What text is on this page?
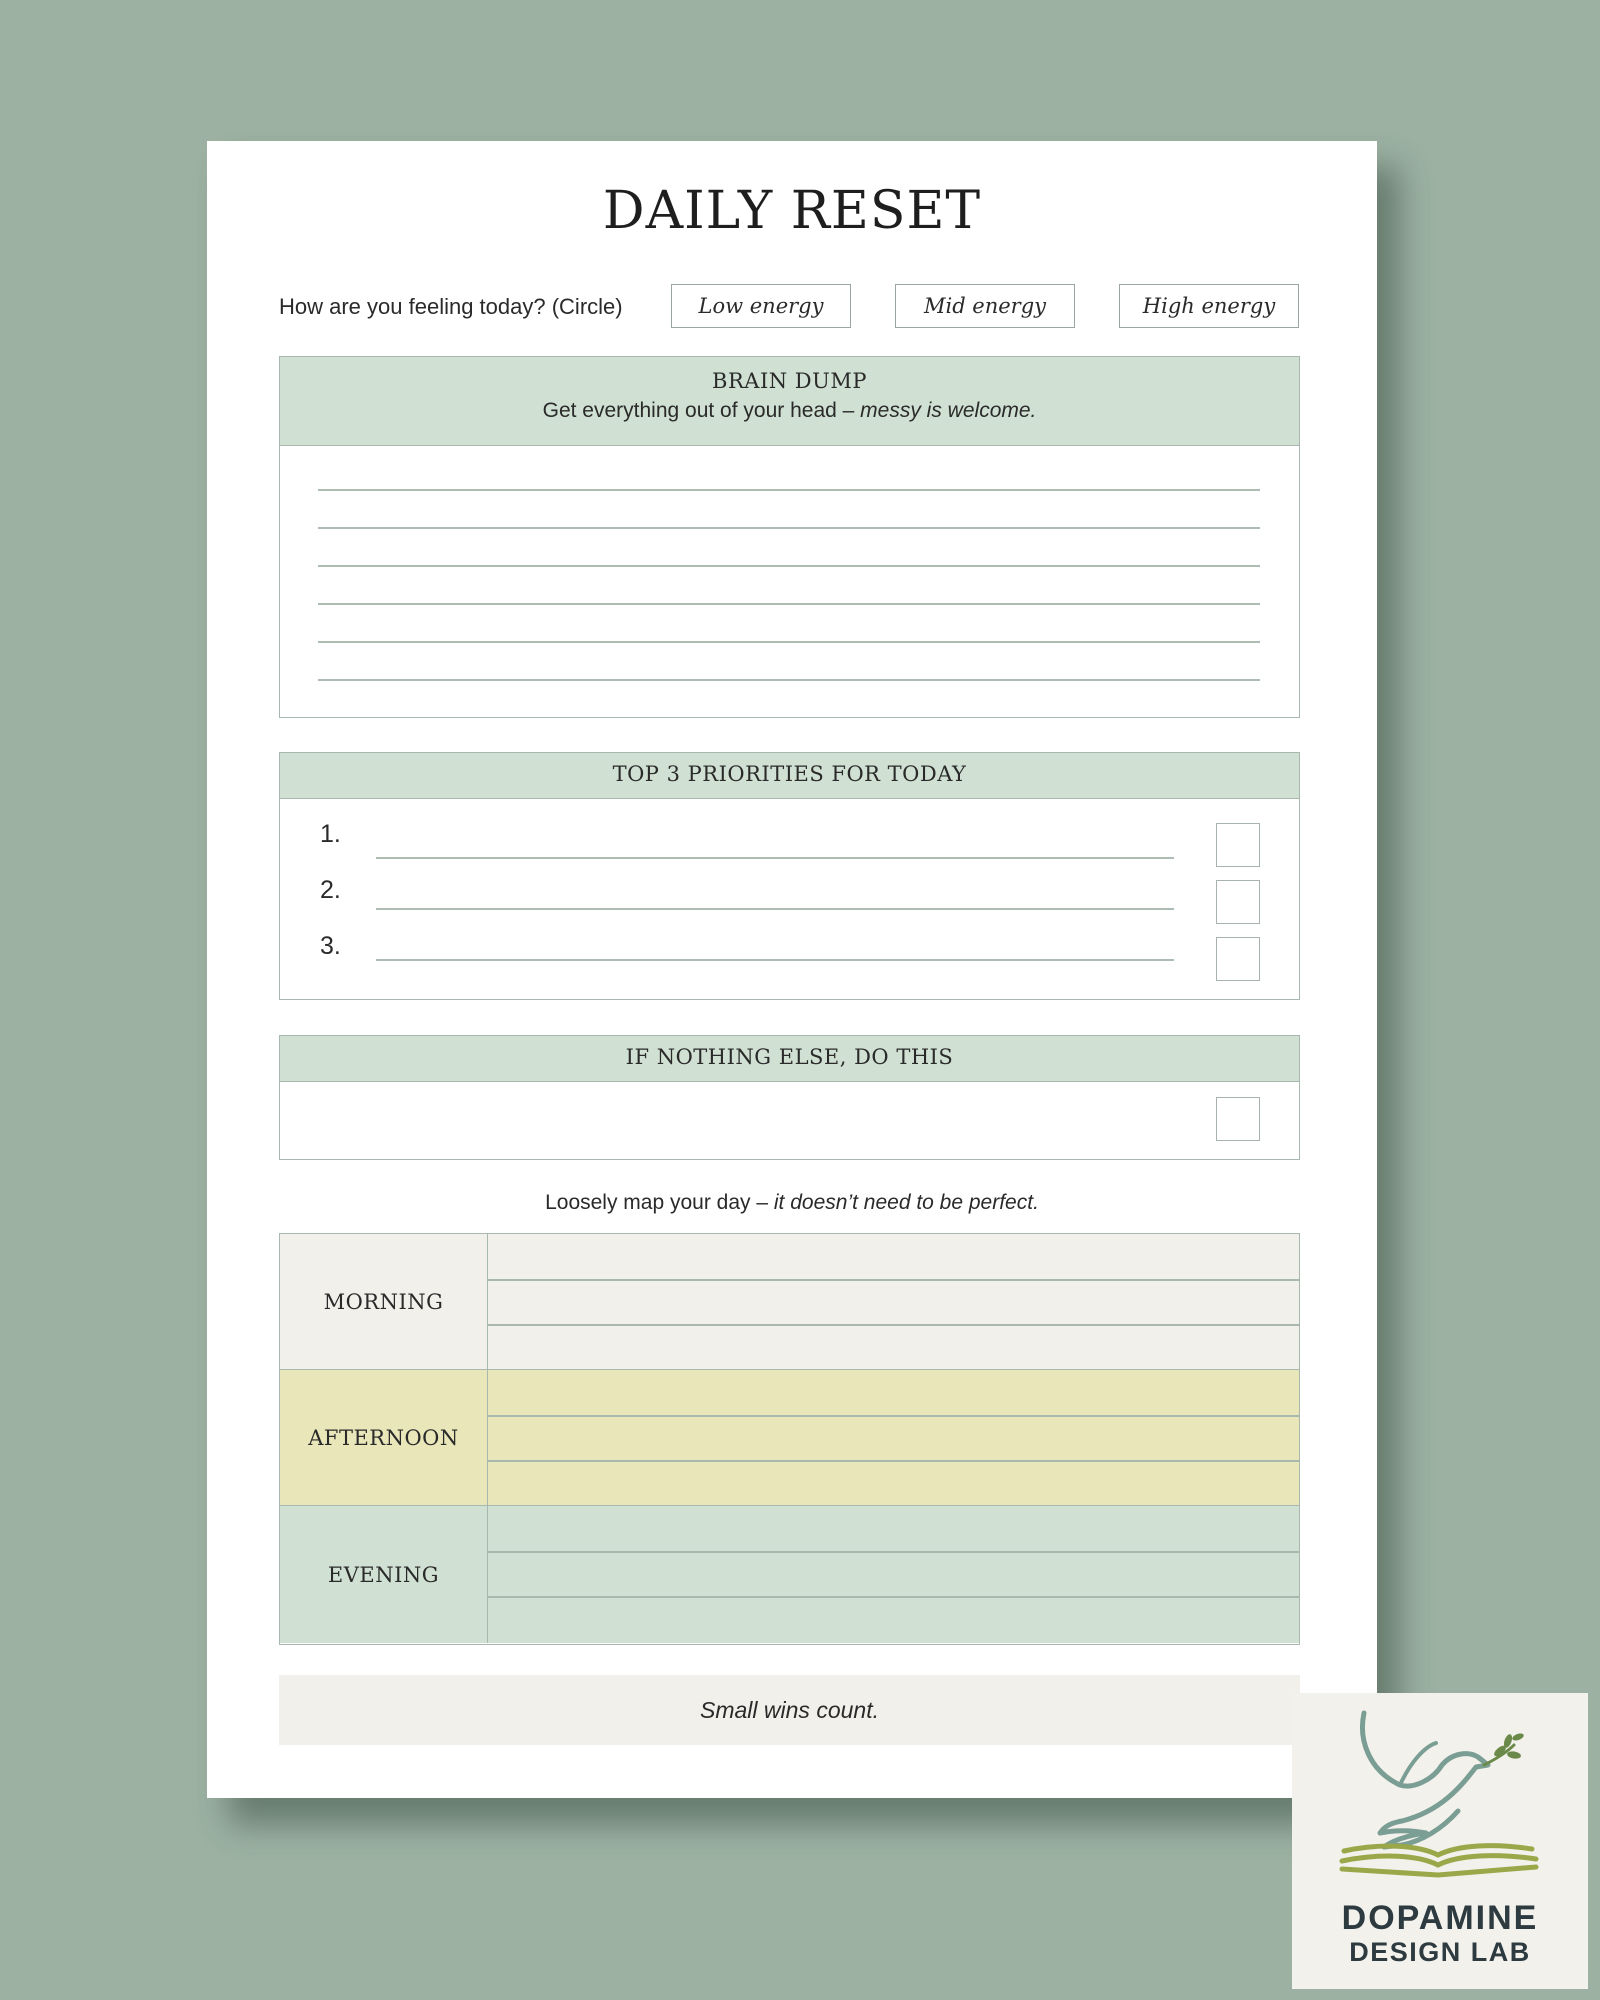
DAILY RESET
How are you feeling today? (Circle)	Low energy	Mid energy	High energy
BRAIN DUMP
Get everything out of your head – messy is welcome.
TOP 3 PRIORITIES FOR TODAY
1.
2.
3.
IF NOTHING ELSE, DO THIS
Loosely map your day – it doesn’t need to be perfect.
MORNING
AFTERNOON
EVENING
Small wins count.
DOPAMINE
DESIGN LAB
